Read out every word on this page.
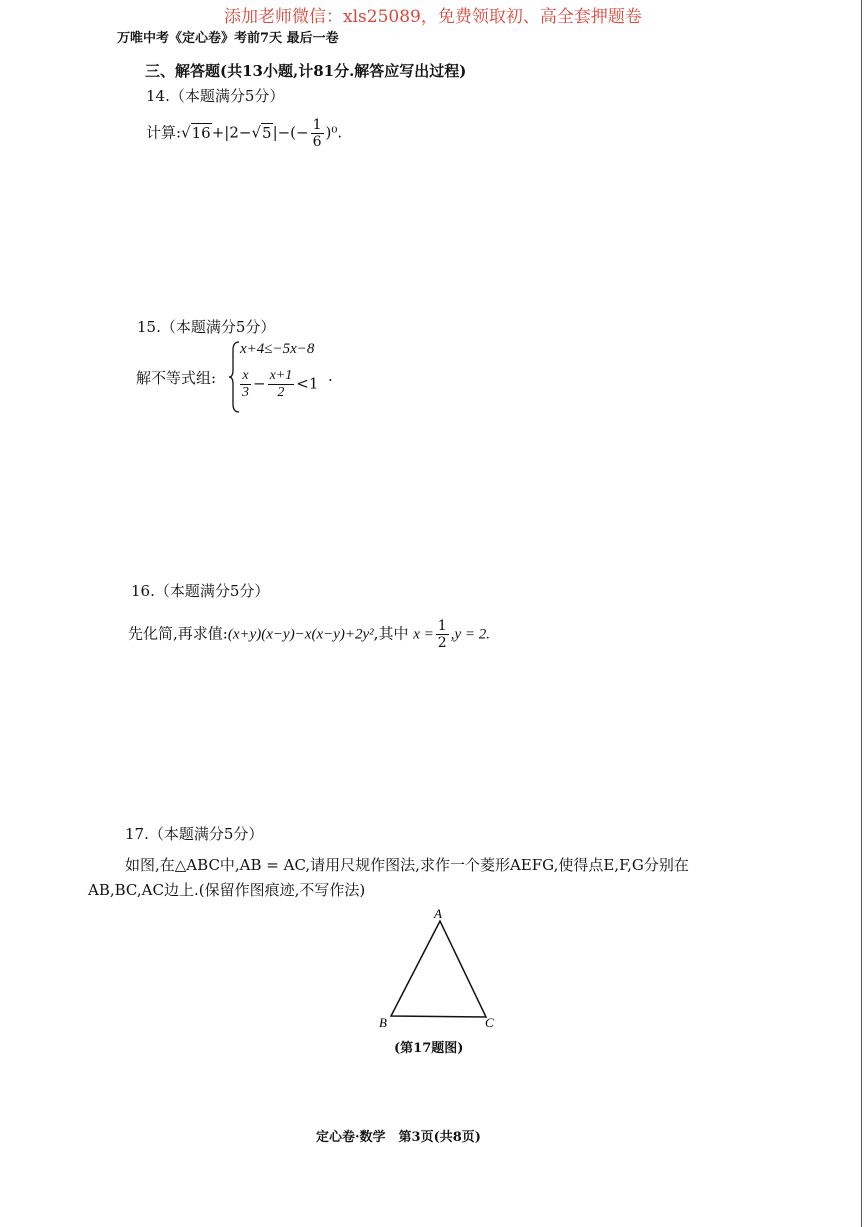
添加老师微信：xls25089，免费领取初、高全套押题卷
万唯中考《定心卷》考前7天 最后一卷
三、解答题(共13小题,计81分.解答应写出过程)
14.（本题满分5分）
计算:√16+|2−√5|−(− $\frac{1}{6} )^0$.
15.（本题满分5分）
解不等式组:
x+4≤−5x−8
$\frac{x}{3} - \frac{x+1}{2} <1$ .
16.（本题满分5分）
先化简,再求值:(x+y)(x−y)−x(x−y)+2y²,其中 $x = \frac{1}{2} ,y = 2$.
17.（本题满分5分）
如图,在△ABC中,AB = AC,请用尺规作图法,求作一个菱形AEFG,使得点E,F,G分别在
AB,BC,AC边上.(保留作图痕迹,不写作法)
A
B	C
(第17题图)
定心卷·数学　第3页(共8页)
